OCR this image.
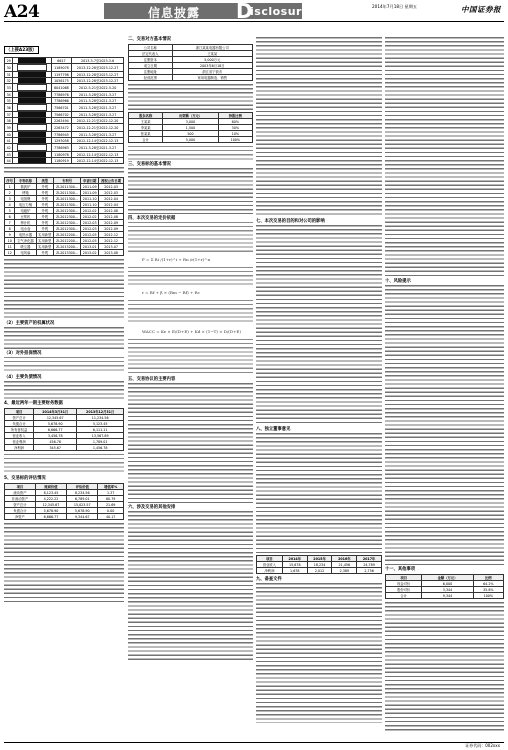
A24	信息披露 D
isclosure	2014年7月18日 星期五	中国证券报
（上接A23版）
29		6617	2013-3-7至2023-3-6
30		1189078	2013-12-28至2023-12-27
31		1197798	2013-12-28至2023-12-27
32		1056175	2013-12-28至2023-12-27
33		8041068	2012-5-21至2022-5-20
34		7786976	2011-3-28至2021-3-27
35		7786966	2011-3-28至2021-3-27
36		7566701	2011-3-28至2021-3-27
37		7566702	2011-3-28至2021-3-27
38		2263494	2012-12-21至2022-12-20
39		2263472	2012-12-21至2022-12-20
40		7786945	2011-3-28至2021-3-27
41		1293058	2012-12-14至2022-12-13
42		7786963	2011-3-28至2021-3-27
43		1180978	2012-12-14至2022-12-13
44		1180919	2012-12-14至2022-12-13
序号	专利名称	类型	专利号	申请日期	授权公告日期
1	微波炉	外观	ZL2011300...	2011-09	2012-03
2	烤箱	外观	ZL2011300...	2011-09	2012-03
3	电饭煲	外观	ZL2011300...	2011-10	2012-04
4	电压力锅	外观	ZL2011300...	2011-10	2012-04
5	电磁炉	外观	ZL2012300...	2012-02	2012-08
6	豆浆机	外观	ZL2012300...	2012-02	2012-08
7	榨汁机	外观	ZL2012300...	2012-03	2012-09
8	电水壶	外观	ZL2012300...	2012-03	2012-09
9	电热水器	实用新型	ZL2012200...	2012-05	2012-12
10	空气净化器	实用新型	ZL2012200...	2012-05	2012-12
11	吸尘器	实用新型	ZL2013200...	2013-01	2013-07
12	电风扇	外观	ZL2013300...	2013-02	2013-08
（2）主要资产的权属状况
（3）对外担保情况
（4）主要负债情况
4、最近两年一期主要财务数据
项目	2014年3月31日	2013年12月31日
资产总计	12,345.67	11,234.56
负债合计	5,678.90	5,123.45
所有者权益	6,666.77	6,111.11
营业收入	3,456.78	13,567.89
营业利润	456.78	1,789.01
净利润	345.67	1,456.78
5、交易标的评估情况
项目	账面价值	评估价值	增值率%
流动资产	8,123.45	8,234.56	1.37
非流动资产	4,222.22	6,789.01	60.79
资产总计	12,345.67	15,023.57	21.69
负债合计	5,678.90	5,678.90	0.00
净资产	6,666.77	9,344.67	40.17
二、交易对方基本情况
公司名称	浙江某某电器有限公司
法定代表人	王某某
注册资本	5,000万元
成立日期	2003年6月18日
注册地址	浙江省宁波市
经营范围	家用电器制造、销售
股东名称	出资额（万元）	持股比例
王某某	3,000	60%
李某某	1,500	30%
张某某	500	10%
合计	5,000	100%
三、交易标的基本情况
四、本次交易的定价依据
P = Σ Ri /(1+r)^i + Rn /r(1+r)^n
r = Rf + β × (Rm − Rf) + Rc
WACC = Ke × E/(D+E) + Kd × (1−T) × D/(D+E)
五、交易协议的主要内容
六、涉及交易的其他安排
七、本次交易的目的和对公司的影响
八、独立董事意见
项目	2014年	2015年	2016年	2017年
营业收入	15,678	18,234	21,456	24,789
净利润	1,678	2,012	2,389	2,756
九、备查文件
十、风险提示
十一、其他事项
项目	金额（万元）	比例
现金对价	6,000	64.2%
股份对价	3,344	35.8%
合计	9,344	100%
证券代码：002xxx
